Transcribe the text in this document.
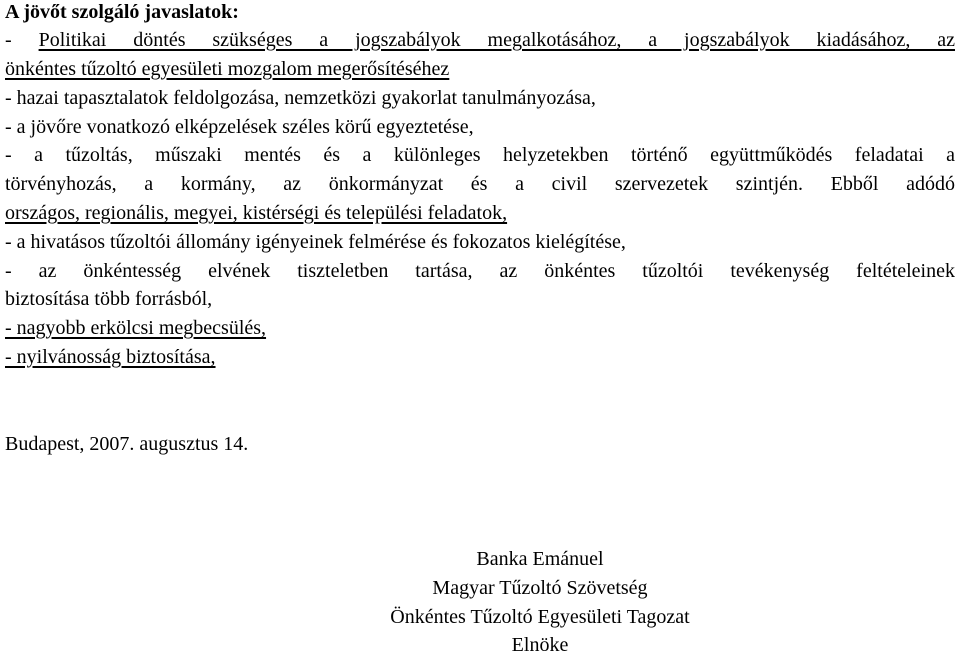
A jövőt szolgáló javaslatok:
- Politikai döntés szükséges a jogszabályok megalkotásához, a jogszabályok kiadásához, az
önkéntes tűzoltó egyesületi mozgalom megerősítéséhez
- hazai tapasztalatok feldolgozása, nemzetközi gyakorlat tanulmányozása,
- a jövőre vonatkozó elképzelések széles körű egyeztetése,
- a tűzoltás, műszaki mentés és a különleges helyzetekben történő együttműködés feladatai a
törvényhozás, a kormány, az önkormányzat és a civil szervezetek szintjén. Ebből adódó
országos, regionális, megyei, kistérségi és települési feladatok,
- a hivatásos tűzoltói állomány igényeinek felmérése és fokozatos kielégítése,
- az önkéntesség elvének tiszteletben tartása, az önkéntes tűzoltói tevékenység feltételeinek
biztosítása több forrásból,
- nagyobb erkölcsi megbecsülés,
- nyilvánosság biztosítása,
Budapest, 2007. augusztus 14.
Banka Emánuel
Magyar Tűzoltó Szövetség
Önkéntes Tűzoltó Egyesületi Tagozat
Elnöke
